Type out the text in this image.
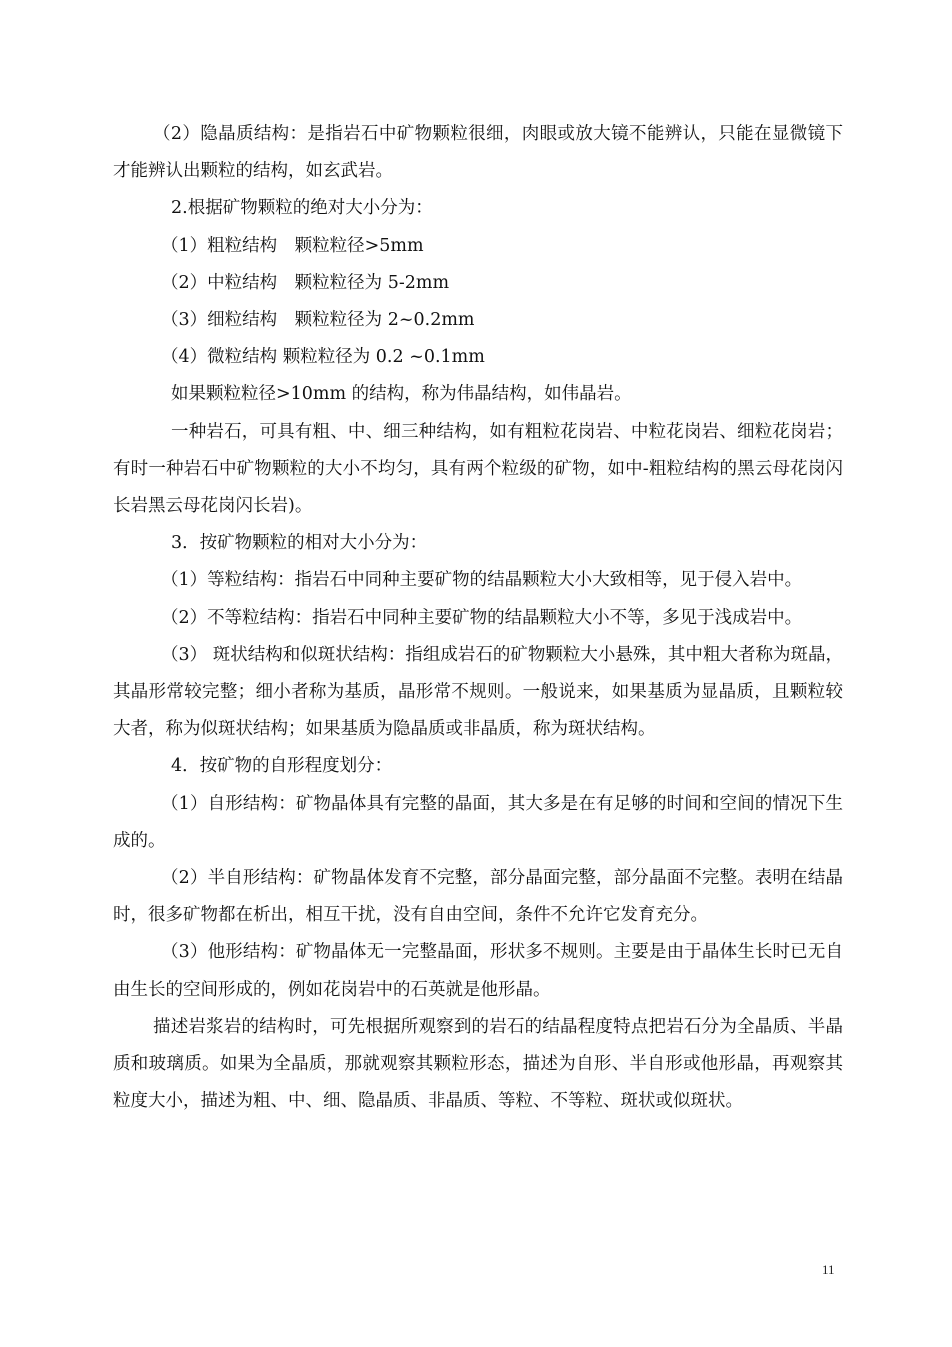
（2）隐晶质结构：是指岩石中矿物颗粒很细，肉眼或放大镜不能辨认，只能在显微镜下才能辨认出颗粒的结构，如玄武岩。

2.根据矿物颗粒的绝对大小分为：

（1）粗粒结构　颗粒粒径>5mm

（2）中粒结构　颗粒粒径为 5-2mm

（3）细粒结构　颗粒粒径为 2~0.2mm

（4）微粒结构 颗粒粒径为 0.2 ~0.1mm

如果颗粒粒径>10mm 的结构，称为伟晶结构，如伟晶岩。

一种岩石，可具有粗、中、细三种结构，如有粗粒花岗岩、中粒花岗岩、细粒花岗岩；有时一种岩石中矿物颗粒的大小不均匀，具有两个粒级的矿物，如中-粗粒结构的黑云母花岗闪长岩黑云母花岗闪长岩)。

3．按矿物颗粒的相对大小分为：

（1）等粒结构：指岩石中同种主要矿物的结晶颗粒大小大致相等，见于侵入岩中。

（2）不等粒结构：指岩石中同种主要矿物的结晶颗粒大小不等，多见于浅成岩中。

（3） 斑状结构和似斑状结构：指组成岩石的矿物颗粒大小悬殊，其中粗大者称为斑晶，其晶形常较完整；细小者称为基质，晶形常不规则。一般说来，如果基质为显晶质，且颗粒较大者，称为似斑状结构；如果基质为隐晶质或非晶质，称为斑状结构。

4．按矿物的自形程度划分：

（1）自形结构：矿物晶体具有完整的晶面，其大多是在有足够的时间和空间的情况下生成的。

（2）半自形结构：矿物晶体发育不完整，部分晶面完整，部分晶面不完整。表明在结晶时，很多矿物都在析出，相互干扰，没有自由空间，条件不允许它发育充分。

（3）他形结构：矿物晶体无一完整晶面，形状多不规则。主要是由于晶体生长时已无自由生长的空间形成的，例如花岗岩中的石英就是他形晶。

描述岩浆岩的结构时，可先根据所观察到的岩石的结晶程度特点把岩石分为全晶质、半晶质和玻璃质。如果为全晶质，那就观察其颗粒形态，描述为自形、半自形或他形晶，再观察其粒度大小，描述为粗、中、细、隐晶质、非晶质、等粒、不等粒、斑状或似斑状。

11
